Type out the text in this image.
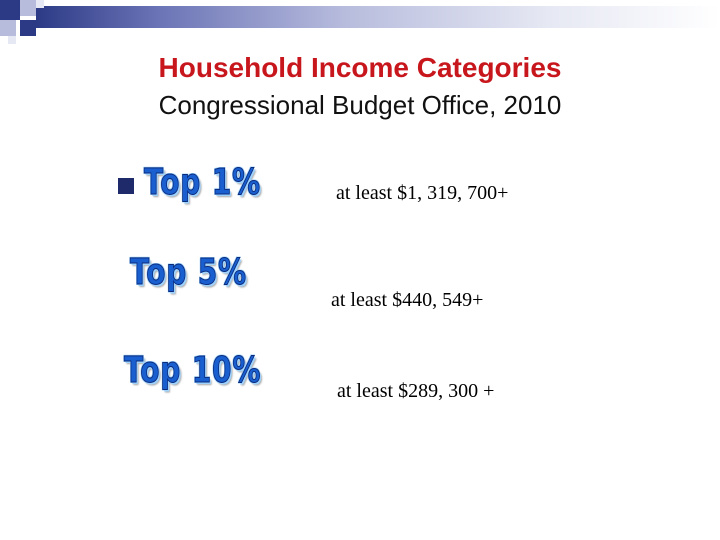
Household Income Categories
Congressional Budget Office, 2010
Top 1%
Top 5%
Top 10%
at least $1, 319, 700+
at least $440, 549+
at least $289, 300 +
